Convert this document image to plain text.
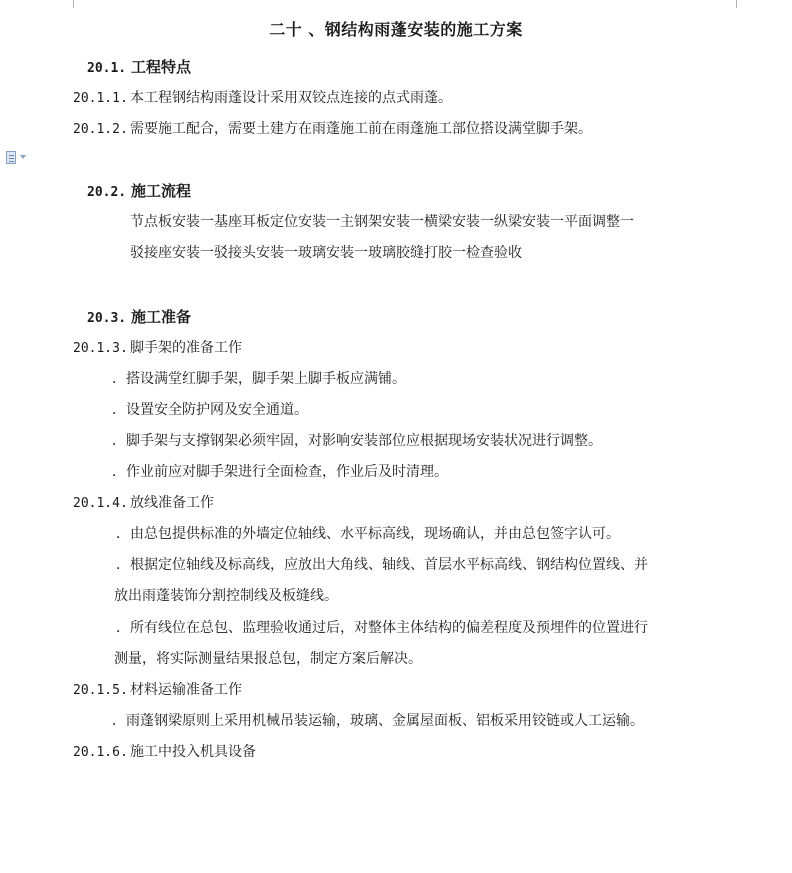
二十 、钢结构雨蓬安装的施工方案
20.1. 工程特点
20.1.1. 本工程钢结构雨蓬设计采用双铰点连接的点式雨蓬。
20.1.2. 需要施工配合，需要土建方在雨蓬施工前在雨蓬施工部位搭设满堂脚手架。
20.2. 施工流程
节点板安装一基座耳板定位安装一主钢架安装一横梁安装一纵梁安装一平面调整一
驳接座安装一驳接头安装一玻璃安装一玻璃胶缝打胶一检查验收
20.3. 施工准备
20.1.3. 脚手架的准备工作
．搭设满堂红脚手架，脚手架上脚手板应满铺。
．设置安全防护网及安全通道。
．脚手架与支撑钢架必须牢固，对影响安装部位应根据现场安装状况进行调整。
．作业前应对脚手架进行全面检查，作业后及时清理。
20.1.4. 放线准备工作
．由总包提供标准的外墙定位轴线、水平标高线，现场确认，并由总包签字认可。
．根据定位轴线及标高线，应放出大角线、轴线、首层水平标高线、钢结构位置线、并
放出雨蓬装饰分割控制线及板缝线。
．所有线位在总包、监理验收通过后，对整体主体结构的偏差程度及预埋件的位置进行
测量，将实际测量结果报总包，制定方案后解决。
20.1.5. 材料运输准备工作
．雨蓬钢梁原则上采用机械吊装运输，玻璃、金属屋面板、铝板采用铰链或人工运输。
20.1.6. 施工中投入机具设备
